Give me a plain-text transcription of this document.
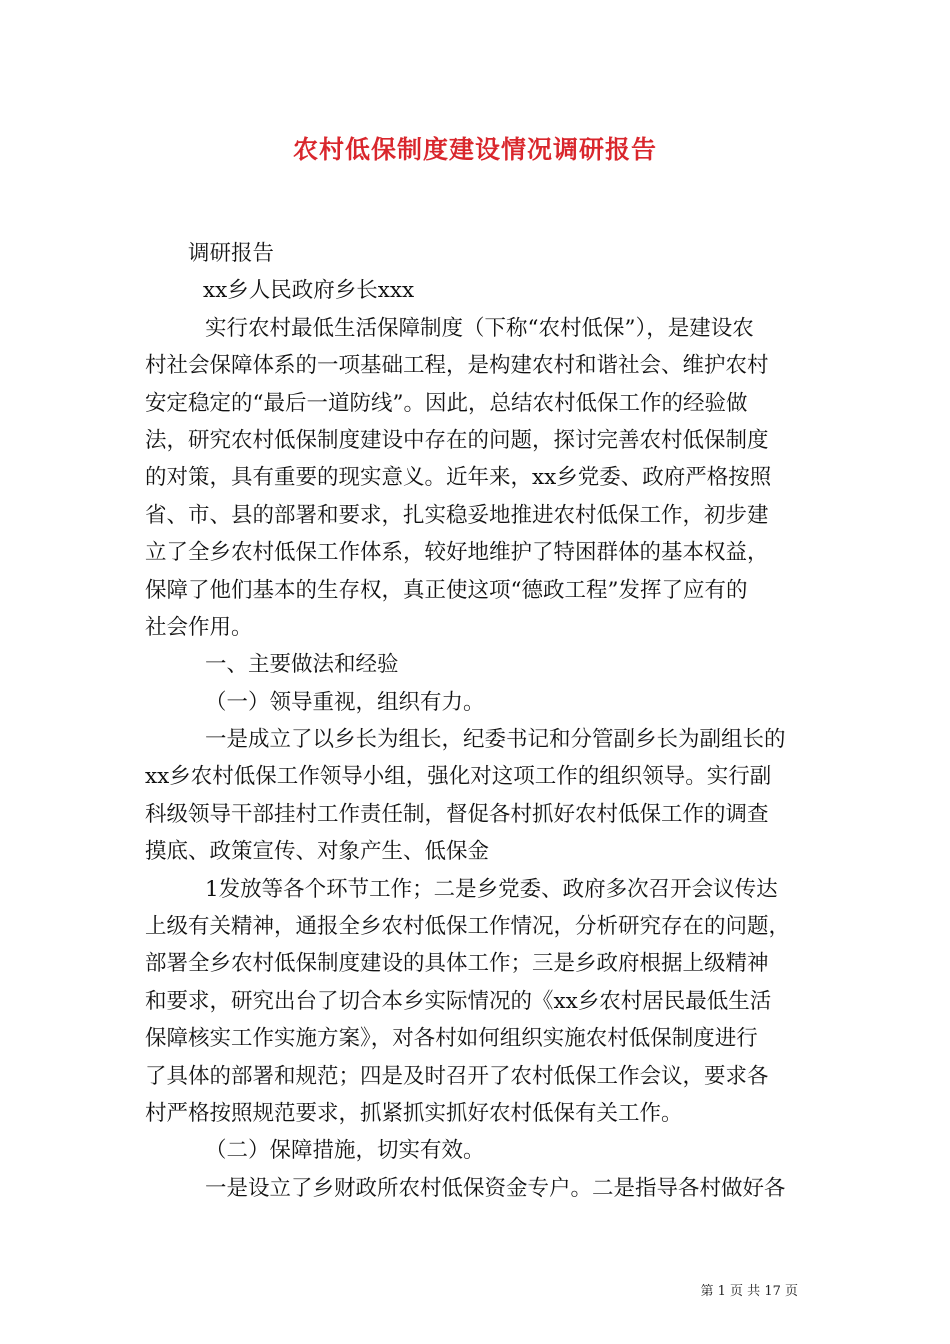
农村低保制度建设情况调研报告
调研报告
xx乡人民政府乡长xxx
实行农村最低生活保障制度（下称“农村低保”），是建设农
村社会保障体系的一项基础工程，是构建农村和谐社会、维护农村
安定稳定的“最后一道防线”。因此，总结农村低保工作的经验做
法，研究农村低保制度建设中存在的问题，探讨完善农村低保制度
的对策，具有重要的现实意义。近年来，xx乡党委、政府严格按照
省、市、县的部署和要求，扎实稳妥地推进农村低保工作，初步建
立了全乡农村低保工作体系，较好地维护了特困群体的基本权益，
保障了他们基本的生存权，真正使这项“德政工程”发挥了应有的
社会作用。
一、主要做法和经验
（一）领导重视，组织有力。
一是成立了以乡长为组长，纪委书记和分管副乡长为副组长的
xx乡农村低保工作领导小组，强化对这项工作的组织领导。实行副
科级领导干部挂村工作责任制，督促各村抓好农村低保工作的调查
摸底、政策宣传、对象产生、低保金
1发放等各个环节工作；二是乡党委、政府多次召开会议传达
上级有关精神，通报全乡农村低保工作情况，分析研究存在的问题，
部署全乡农村低保制度建设的具体工作；三是乡政府根据上级精神
和要求，研究出台了切合本乡实际情况的《xx乡农村居民最低生活
保障核实工作实施方案》，对各村如何组织实施农村低保制度进行
了具体的部署和规范；四是及时召开了农村低保工作会议，要求各
村严格按照规范要求，抓紧抓实抓好农村低保有关工作。
（二）保障措施，切实有效。
一是设立了乡财政所农村低保资金专户。二是指导各村做好各
第 1 页 共 17 页
